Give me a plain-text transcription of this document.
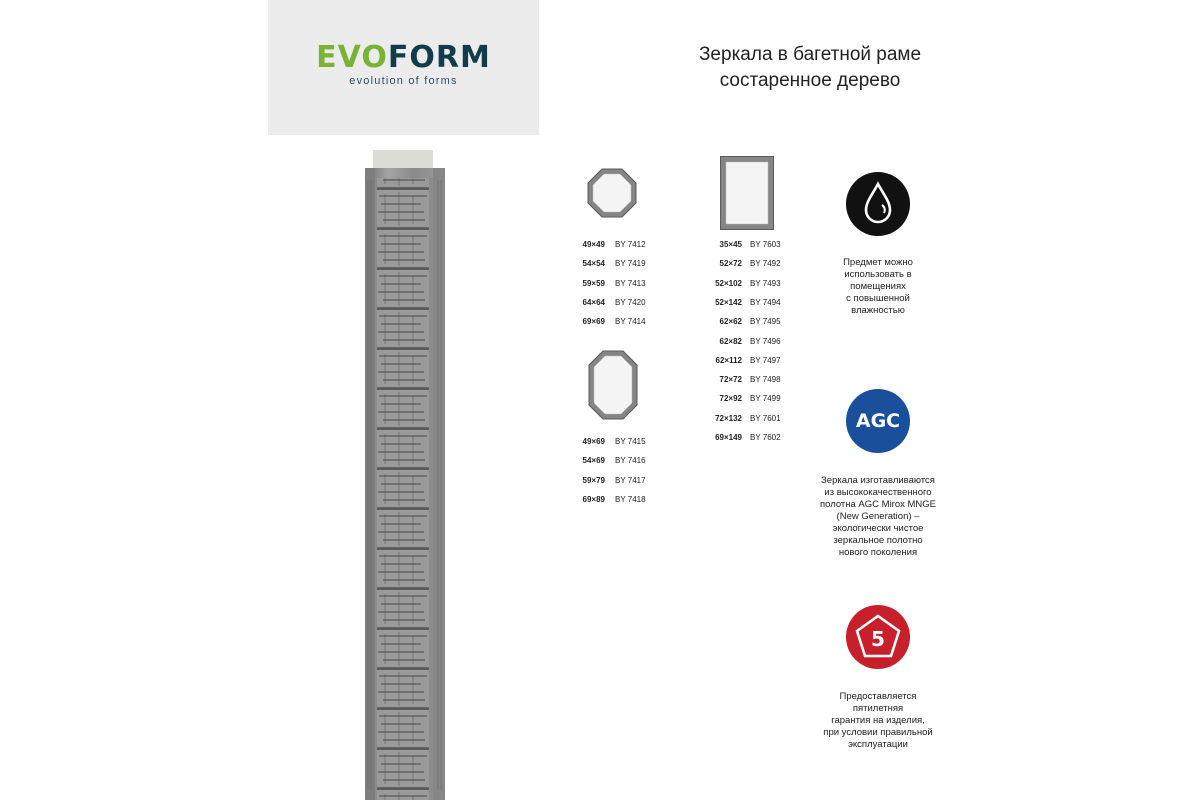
EVOFORM
evolution of forms
Зеркала в багетной раме
состаренное дерево
49×49 BY 7412
54×54 BY 7419
59×59 BY 7413
64×64 BY 7420
69×69 BY 7414
49×69 BY 7415
54×69 BY 7416
59×79 BY 7417
69×89 BY 7418
35×45 BY 7603
52×72 BY 7492
52×102 BY 7493
52×142 BY 7494
62×62 BY 7495
62×82 BY 7496
62×112 BY 7497
72×72 BY 7498
72×92 BY 7499
72×132 BY 7601
69×149 BY 7602
Предмет можно
использовать в
помещениях
с повышенной
влажностью
AGC
Зеркала изготавливаются
из высококачественного
полотна AGC Mirox MNGE
(New Generation) –
экологически чистое
зеркальное полотно
нового поколения
5
Предоставляется
пятилетняя
гарантия на изделия,
при условии правильной
эксплуатации
